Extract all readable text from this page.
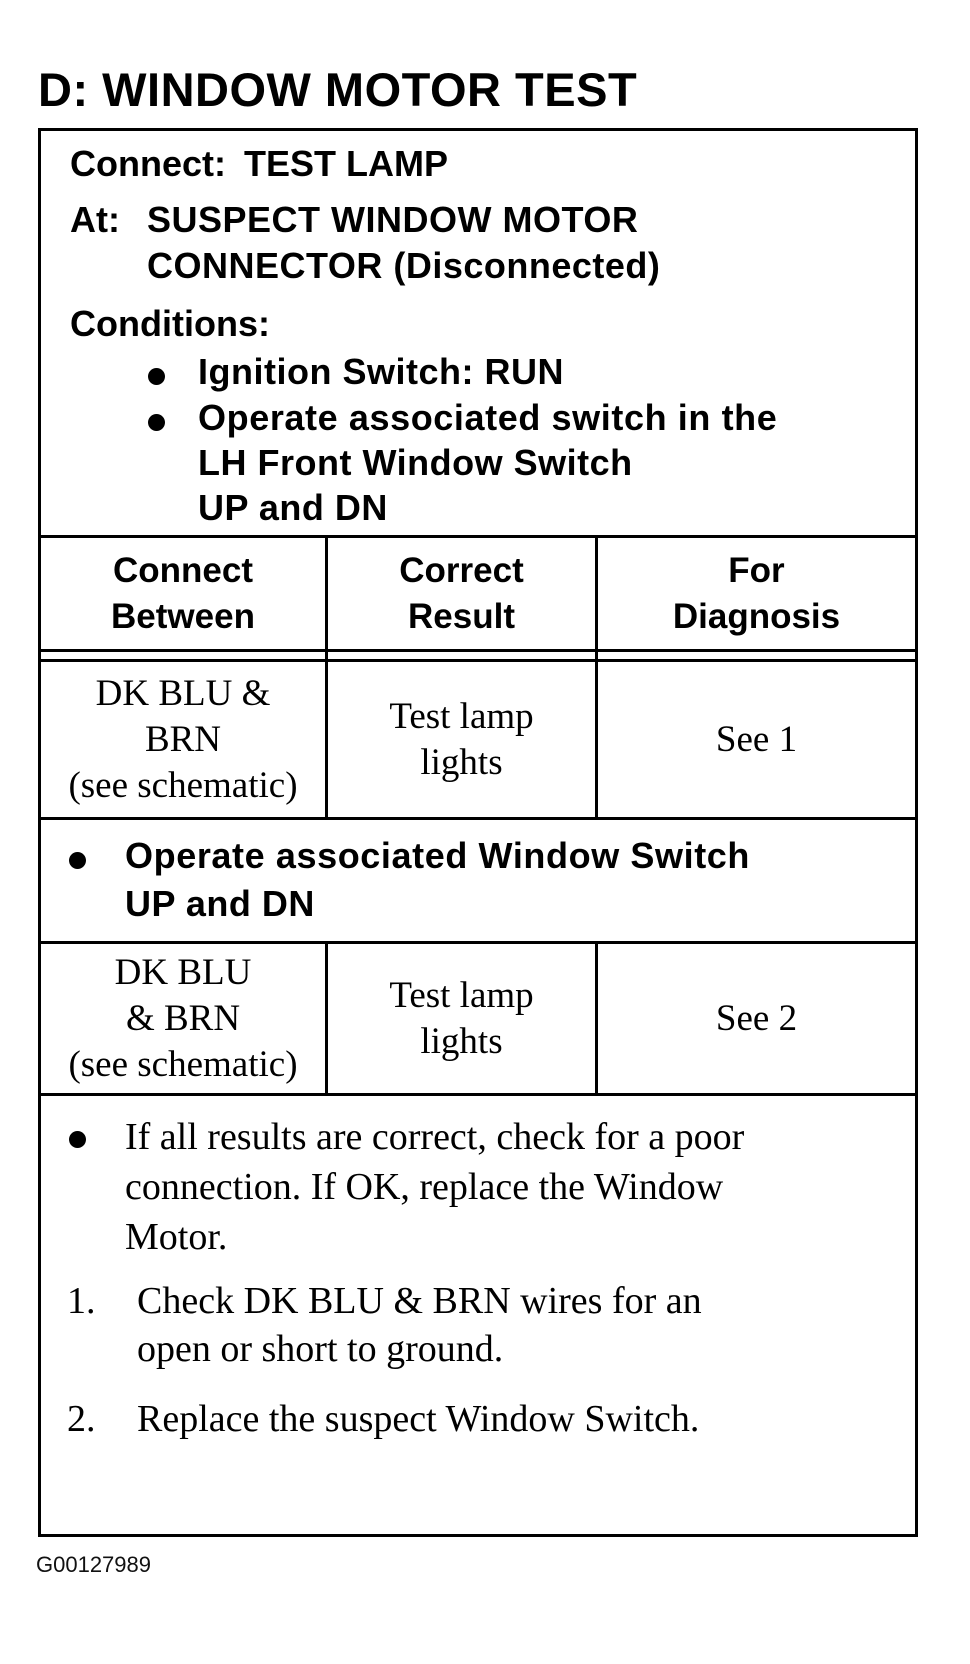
D: WINDOW MOTOR TEST
Connect: TEST LAMP
At: SUSPECT WINDOW MOTOR
CONNECTOR (Disconnected)
Conditions:
Ignition Switch: RUN
Operate associated switch in the
LH Front Window Switch
UP and DN
Connect
Between
Correct
Result
For
Diagnosis
DK BLU &
BRN
(see schematic)
Test lamp
lights
See 1
Operate associated Window Switch
UP and DN
DK BLU
& BRN
(see schematic)
Test lamp
lights
See 2
If all results are correct, check for a poor
connection. If OK, replace the Window
Motor.
1. Check DK BLU & BRN wires for an
open or short to ground.
2. Replace the suspect Window Switch.
G00127989
